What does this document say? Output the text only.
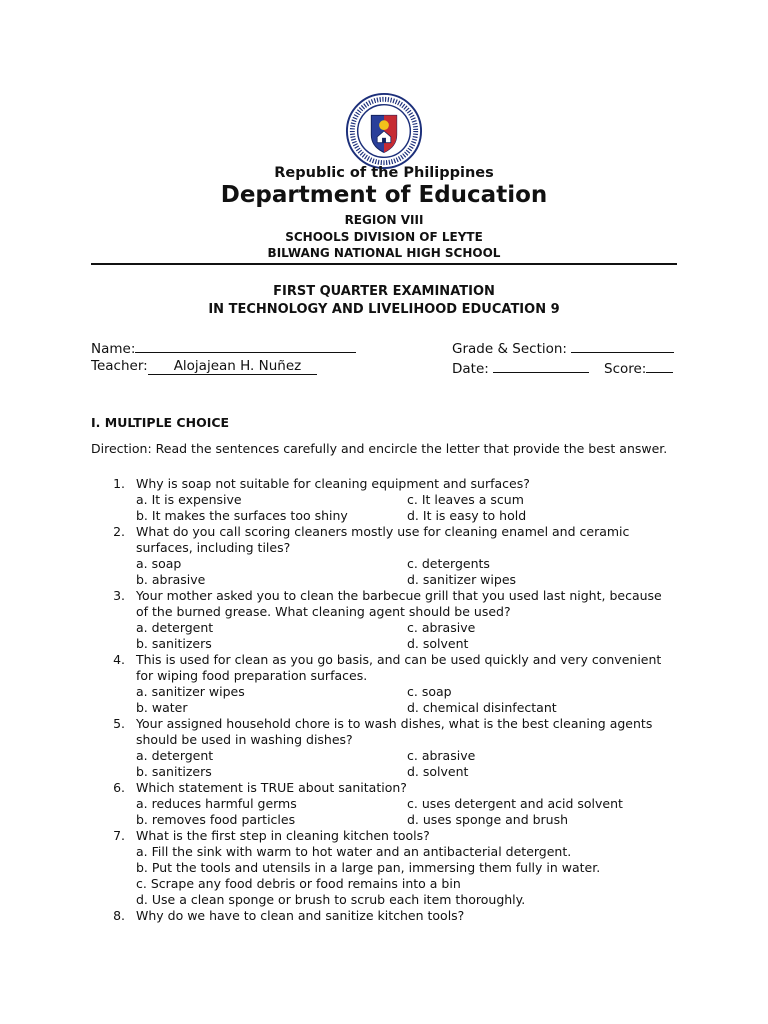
Republic of the Philippines
Department of Education
REGION VIII
SCHOOLS DIVISION OF LEYTE
BILWANG NATIONAL HIGH SCHOOL
FIRST QUARTER EXAMINATION
IN TECHNOLOGY AND LIVELIHOOD EDUCATION 9
Name:
Teacher: Alojajean H. Nuñez
Grade & Section:
Date:	Score:
I. MULTIPLE CHOICE
Direction: Read the sentences carefully and encircle the letter that provide the best answer.
1. Why is soap not suitable for cleaning equipment and surfaces?
a. It is expensive	c. It leaves a scum
b. It makes the surfaces too shiny	d. It is easy to hold
2. What do you call scoring cleaners mostly use for cleaning enamel and ceramic
surfaces, including tiles?
a. soap	c. detergents
b. abrasive	d. sanitizer wipes
3. Your mother asked you to clean the barbecue grill that you used last night, because
of the burned grease. What cleaning agent should be used?
a. detergent	c. abrasive
b. sanitizers	d. solvent
4. This is used for clean as you go basis, and can be used quickly and very convenient
for wiping food preparation surfaces.
a. sanitizer wipes	c. soap
b. water	d. chemical disinfectant
5. Your assigned household chore is to wash dishes, what is the best cleaning agents
should be used in washing dishes?
a. detergent	c. abrasive
b. sanitizers	d. solvent
6. Which statement is TRUE about sanitation?
a. reduces harmful germs	c. uses detergent and acid solvent
b. removes food particles	d. uses sponge and brush
7. What is the first step in cleaning kitchen tools?
a. Fill the sink with warm to hot water and an antibacterial detergent.
b. Put the tools and utensils in a large pan, immersing them fully in water.
c. Scrape any food debris or food remains into a bin
d. Use a clean sponge or brush to scrub each item thoroughly.
8. Why do we have to clean and sanitize kitchen tools?
